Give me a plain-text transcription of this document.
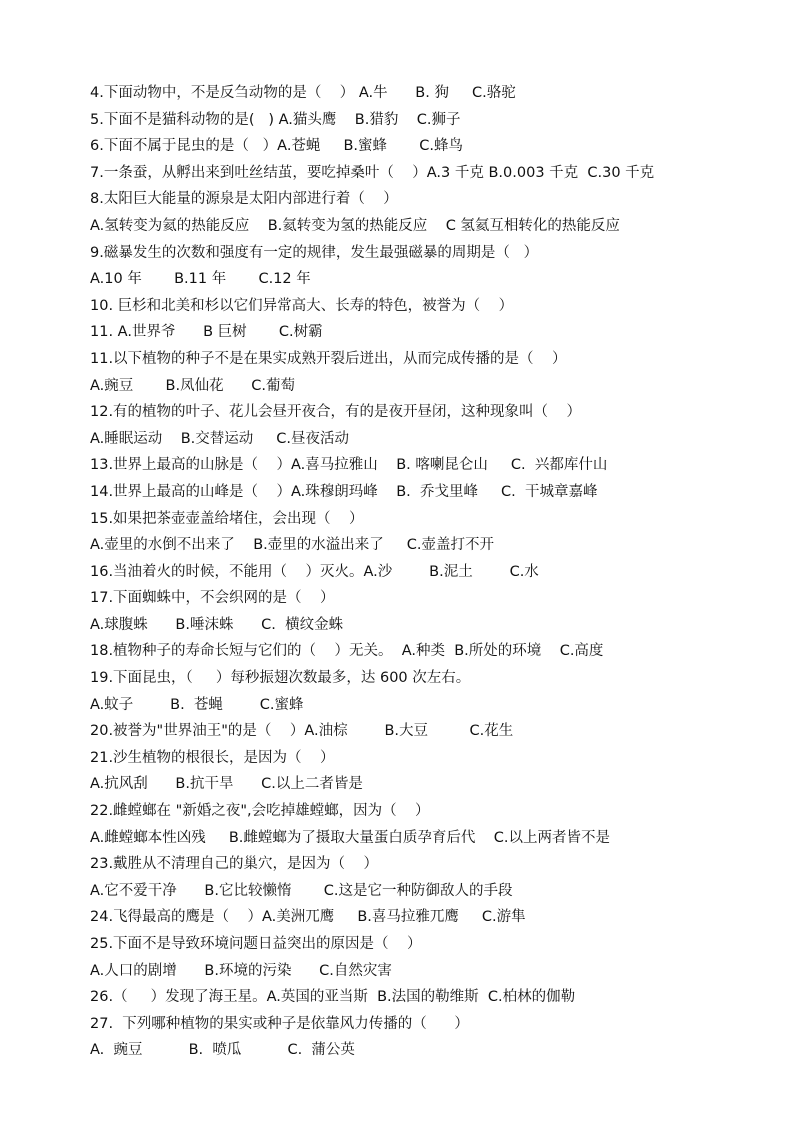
4.下面动物中，不是反刍动物的是（    ） A.牛      B. 狗     C.骆驼
5.下面不是猫科动物的是(   ) A.猫头鹰    B.猎豹    C.狮子
6.下面不属于昆虫的是（   ）A.苍蝇     B.蜜蜂       C.蜂鸟
7.一条蚕，从孵出来到吐丝结茧，要吃掉桑叶（    ）A.3 千克 B.0.003 千克  C.30 千克
8.太阳巨大能量的源泉是太阳内部进行着（    ）
A.氢转变为氦的热能反应    B.氦转变为氢的热能反应    C 氢氦互相转化的热能反应
9.磁暴发生的次数和强度有一定的规律，发生最强磁暴的周期是（   ）
A.10 年       B.11 年       C.12 年
10. 巨杉和北美和杉以它们异常高大、长寿的特色，被誉为（    ）
11. A.世界爷      B 巨树       C.树霸
11.以下植物的种子不是在果实成熟开裂后迸出，从而完成传播的是（    ）
A.豌豆       B.凤仙花      C.葡萄
12.有的植物的叶子、花儿会昼开夜合，有的是夜开昼闭，这种现象叫（    ）
A.睡眠运动    B.交替运动     C.昼夜活动
13.世界上最高的山脉是（    ）A.喜马拉雅山    B. 喀喇昆仑山     C.  兴都库什山
14.世界上最高的山峰是（    ）A.珠穆朗玛峰    B.  乔戈里峰     C.  干城章嘉峰
15.如果把茶壶壶盖给堵住，会出现（    ）
A.壶里的水倒不出来了    B.壶里的水溢出来了     C.壶盖打不开
16.当油着火的时候，不能用（    ）灭火。A.沙        B.泥土        C.水
17.下面蜘蛛中，不会织网的是（    ）
A.球腹蛛      B.唾沫蛛      C.  横纹金蛛
18.植物种子的寿命长短与它们的（    ）无关。  A.种类  B.所处的环境    C.高度
19.下面昆虫，（     ）每秒振翅次数最多，达 600 次左右。
A.蚊子        B.  苍蝇        C.蜜蜂
20.被誉为"世界油王"的是（    ）A.油棕        B.大豆         C.花生
21.沙生植物的根很长，是因为（    ）
A.抗风刮      B.抗干旱      C.以上二者皆是
22.雌螳螂在 "新婚之夜",会吃掉雄螳螂，因为（    ）
A.雌螳螂本性凶残     B.雌螳螂为了摄取大量蛋白质孕育后代    C.以上两者皆不是
23.戴胜从不清理自己的巢穴，是因为（    ）
A.它不爱干净      B.它比较懒惰       C.这是它一种防御敌人的手段
24.飞得最高的鹰是（    ）A.美洲兀鹰     B.喜马拉雅兀鹰     C.游隼
25.下面不是导致环境问题日益突出的原因是（    ）
A.人口的剧增      B.环境的污染      C.自然灾害
26.（     ）发现了海王星。A.英国的亚当斯  B.法国的勒维斯  C.柏林的伽勒
27.  下列哪种植物的果实或种子是依靠风力传播的（      ）
A.  豌豆          B.  喷瓜          C.  蒲公英
